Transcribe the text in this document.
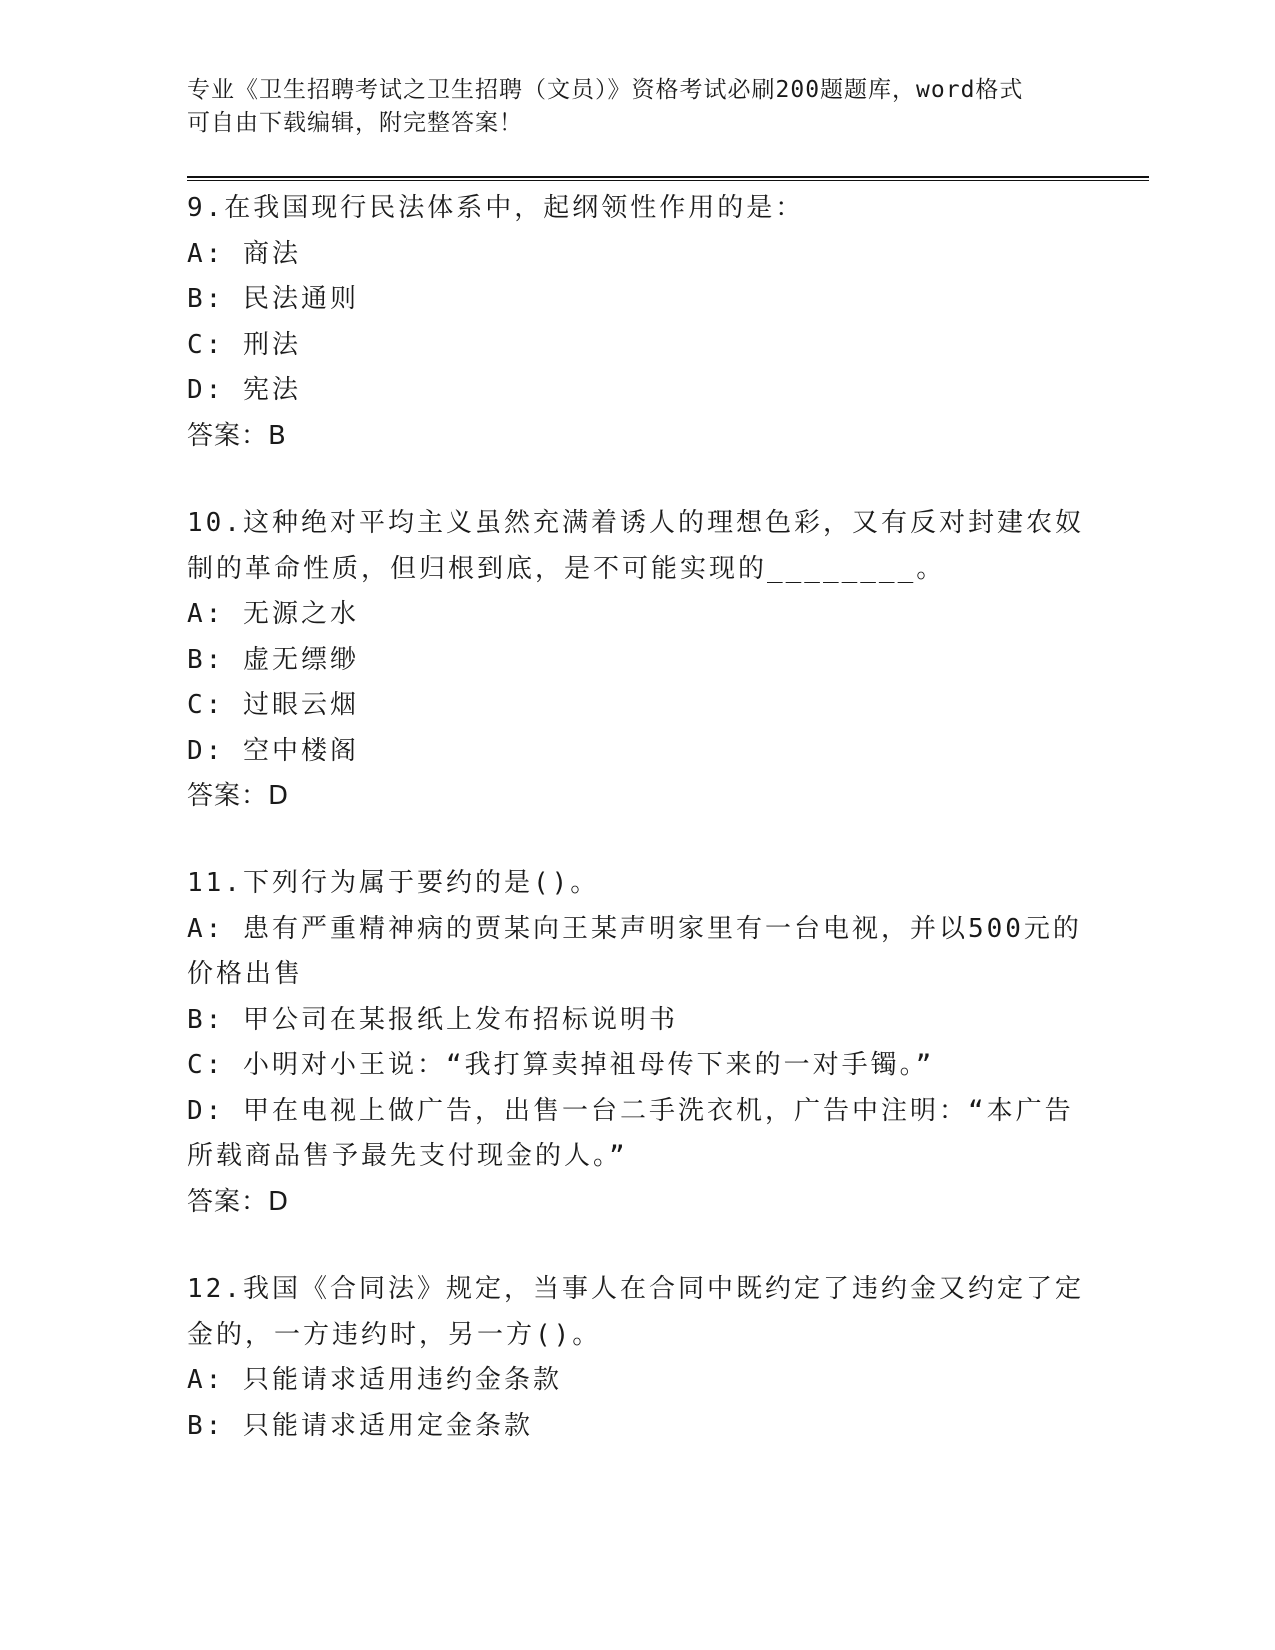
专业《卫生招聘考试之卫生招聘（文员）》资格考试必刷200题题库，word格式
可自由下载编辑，附完整答案！
9.在我国现行民法体系中，起纲领性作用的是：
A: 商法
B: 民法通则
C: 刑法
D: 宪法
答案：B
10.这种绝对平均主义虽然充满着诱人的理想色彩，又有反对封建农奴
制的革命性质，但归根到底，是不可能实现的________。
A: 无源之水
B: 虚无缥缈
C: 过眼云烟
D: 空中楼阁
答案：D
11.下列行为属于要约的是()。
A: 患有严重精神病的贾某向王某声明家里有一台电视，并以500元的
价格出售
B: 甲公司在某报纸上发布招标说明书
C: 小明对小王说：“我打算卖掉祖母传下来的一对手镯。”
D: 甲在电视上做广告，出售一台二手洗衣机，广告中注明：“本广告
所载商品售予最先支付现金的人。”
答案：D
12.我国《合同法》规定，当事人在合同中既约定了违约金又约定了定
金的，一方违约时，另一方()。
A: 只能请求适用违约金条款
B: 只能请求适用定金条款
